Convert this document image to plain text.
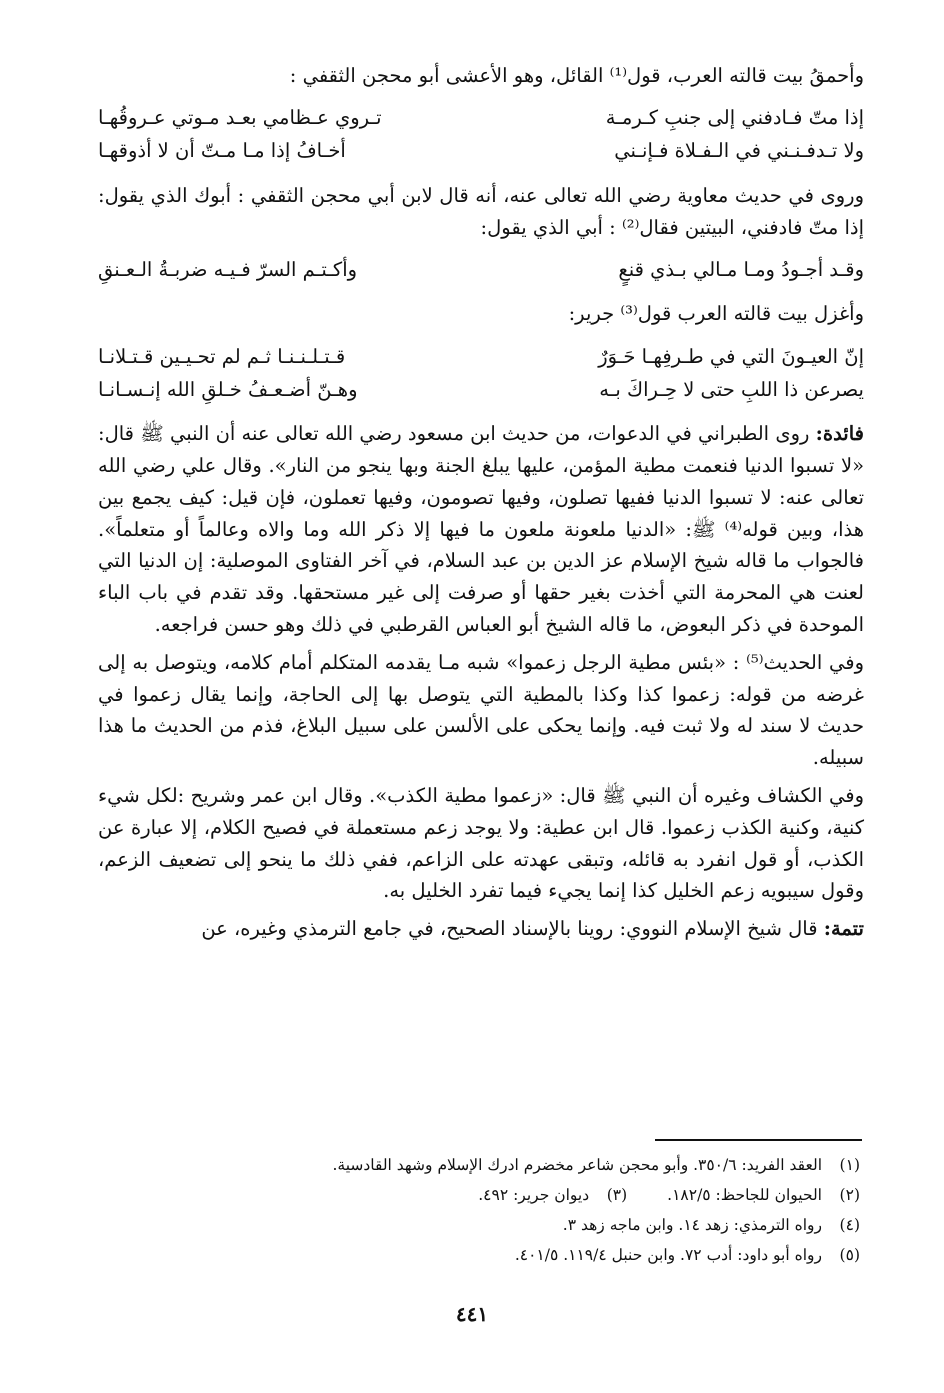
وأحمقُ بيت قالته العرب، قول⁽¹⁾ القائل، وهو الأعشى أبو محجن الثقفي :

إذا متّ فـادفني إلى جنبِ كـرمـة
تـروي عـظامي بعـد مـوتي عـروقُهـا
ولا تـدفـنـني في الـفـلاة فـإنـني
أخـافُ إذا مـا مـتّ أن لا أذوقهـا

وروى في حديث معاوية رضي الله تعالى عنه، أنه قال لابن أبي محجن الثقفي : أبوك الذي يقول: إذا متّ فادفني، البيتين فقال⁽²⁾ : أبي الذي يقول:

وقـد أجـودُ ومـا مـالي بـذي قنعٍ
وأكـتـم السرّ فـيـه ضربـةُ الـعـنقِ

وأغزل بيت قالته العرب قول⁽³⁾ جرير:

إنّ العيـونَ التي في طـرفِهـا حَـوَرٌ
قـتـلـنـنـا ثـم لم تحـيـين قـتـلانـا
يصرعن ذا اللبِ حتى لا حِـراكَ بـه
وهـنّ أضـعـفُ خـلقِ الله إنـسـانـا

فائدة: روى الطبراني في الدعوات، من حديث ابن مسعود رضي الله تعالى عنه أن النبي ﷺ قال: «لا تسبوا الدنيا فنعمت مطية المؤمن، عليها يبلغ الجنة وبها ينجو من النار». وقال علي رضي الله تعالى عنه: لا تسبوا الدنيا ففيها تصلون، وفيها تصومون، وفيها تعملون، فإن قيل: كيف يجمع بين هذا، وبين قوله⁽⁴⁾ ﷺ: «الدنيا ملعونة ملعون ما فيها إلا ذكر الله وما والاه وعالماً أو متعلماً». فالجواب ما قاله شيخ الإسلام عز الدين بن عبد السلام، في آخر الفتاوى الموصلية: إن الدنيا التي لعنت هي المحرمة التي أخذت بغير حقها أو صرفت إلى غير مستحقها. وقد تقدم في باب الباء الموحدة في ذكر البعوض، ما قاله الشيخ أبو العباس القرطبي في ذلك وهو حسن فراجعه.

وفي الحديث⁽⁵⁾ : «بئس مطية الرجل زعموا» شبه مـا يقدمه المتكلم أمام كلامه، ويتوصل به إلى غرضه من قوله: زعموا كذا وكذا بالمطية التي يتوصل بها إلى الحاجة، وإنما يقال زعموا في حديث لا سند له ولا ثبت فيه. وإنما يحكى على الألسن على سبيل البلاغ، فذم من الحديث ما هذا سبيله.

وفي الكشاف وغيره أن النبي ﷺ قال: «زعموا مطية الكذب». وقال ابن عمر وشريح :لكل شيء كنية، وكنية الكذب زعموا. قال ابن عطية: ولا يوجد زعم مستعملة في فصيح الكلام، إلا عبارة عن الكذب، أو قول انفرد به قائله، وتبقى عهدته على الزاعم، ففي ذلك ما ينحو إلى تضعيف الزعم، وقول سيبويه زعم الخليل كذا إنما يجيء فيما تفرد الخليل به.

تتمة: قال شيخ الإسلام النووي: روينا بالإسناد الصحيح، في جامع الترمذي وغيره، عن

(١)العقد الفريد: ٣٥٠/٦. وأبو محجن شاعر مخضرم ادرك الإسلام وشهد القادسية.
(٢)الحيوان للجاحظ: ١٨٢/٥.(٣)ديوان جرير: ٤٩٢.
(٤)رواه الترمذي: زهد ١٤. وابن ماجه زهد ٣.
(٥)رواه أبو داود: أدب ٧٢. وابن حنبل ١١٩/٤. ٤٠١/٥.
٤٤١
